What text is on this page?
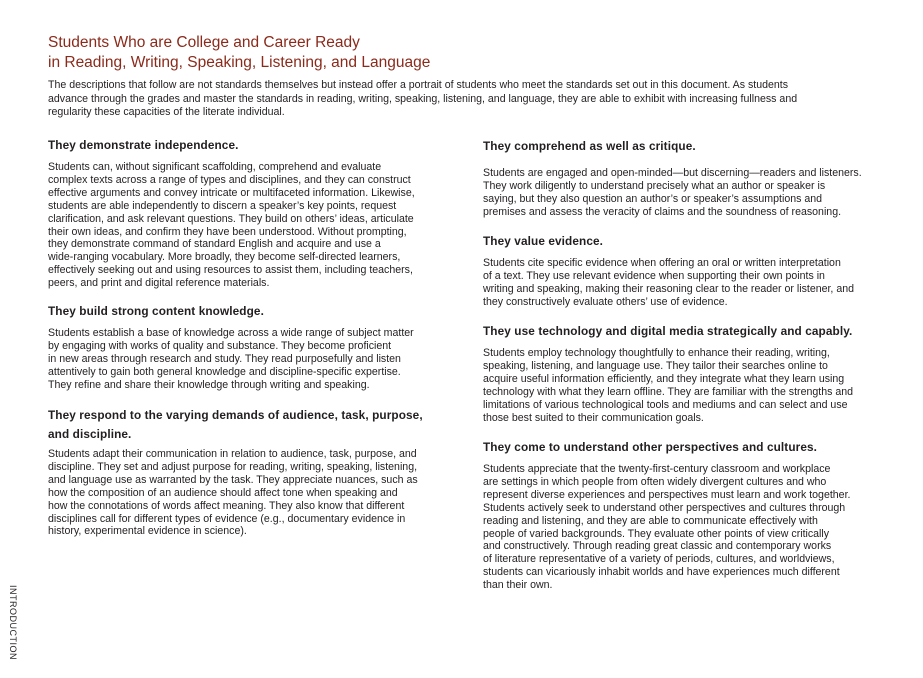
Students Who are College and Career Ready
in Reading, Writing, Speaking, Listening, and Language
The descriptions that follow are not standards themselves but instead offer a portrait of students who meet the standards set out in this document. As students
advance through the grades and master the standards in reading, writing, speaking, listening, and language, they are able to exhibit with increasing fullness and
regularity these capacities of the literate individual.
They demonstrate independence.

Students can, without significant scaffolding, comprehend and evaluate
complex texts across a range of types and disciplines, and they can construct
effective arguments and convey intricate or multifaceted information. Likewise,
students are able independently to discern a speaker’s key points, request
clarification, and ask relevant questions. They build on others’ ideas, articulate
their own ideas, and confirm they have been understood. Without prompting,
they demonstrate command of standard English and acquire and use a
wide-ranging vocabulary. More broadly, they become self-directed learners,
effectively seeking out and using resources to assist them, including teachers,
peers, and print and digital reference materials.

They build strong content knowledge.

Students establish a base of knowledge across a wide range of subject matter
by engaging with works of quality and substance. They become proficient
in new areas through research and study. They read purposefully and listen
attentively to gain both general knowledge and discipline-specific expertise.
They refine and share their knowledge through writing and speaking.

They respond to the varying demands of audience, task, purpose,
and discipline.

Students adapt their communication in relation to audience, task, purpose, and
discipline. They set and adjust purpose for reading, writing, speaking, listening,
and language use as warranted by the task. They appreciate nuances, such as
how the composition of an audience should affect tone when speaking and
how the connotations of words affect meaning. They also know that different
disciplines call for different types of evidence (e.g., documentary evidence in
history, experimental evidence in science).

They comprehend as well as critique.

Students are engaged and open-minded—but discerning—readers and listeners.
They work diligently to understand precisely what an author or speaker is
saying, but they also question an author’s or speaker’s assumptions and
premises and assess the veracity of claims and the soundness of reasoning.

They value evidence.

Students cite specific evidence when offering an oral or written interpretation
of a text. They use relevant evidence when supporting their own points in
writing and speaking, making their reasoning clear to the reader or listener, and
they constructively evaluate others’ use of evidence.

They use technology and digital media strategically and capably.

Students employ technology thoughtfully to enhance their reading, writing,
speaking, listening, and language use. They tailor their searches online to
acquire useful information efficiently, and they integrate what they learn using
technology with what they learn offline. They are familiar with the strengths and
limitations of various technological tools and mediums and can select and use
those best suited to their communication goals.

They come to understand other perspectives and cultures.

Students appreciate that the twenty-first-century classroom and workplace
are settings in which people from often widely divergent cultures and who
represent diverse experiences and perspectives must learn and work together.
Students actively seek to understand other perspectives and cultures through
reading and listening, and they are able to communicate effectively with
people of varied backgrounds. They evaluate other points of view critically
and constructively. Through reading great classic and contemporary works
of literature representative of a variety of periods, cultures, and worldviews,
students can vicariously inhabit worlds and have experiences much different
than their own.

INTRODUCTION
